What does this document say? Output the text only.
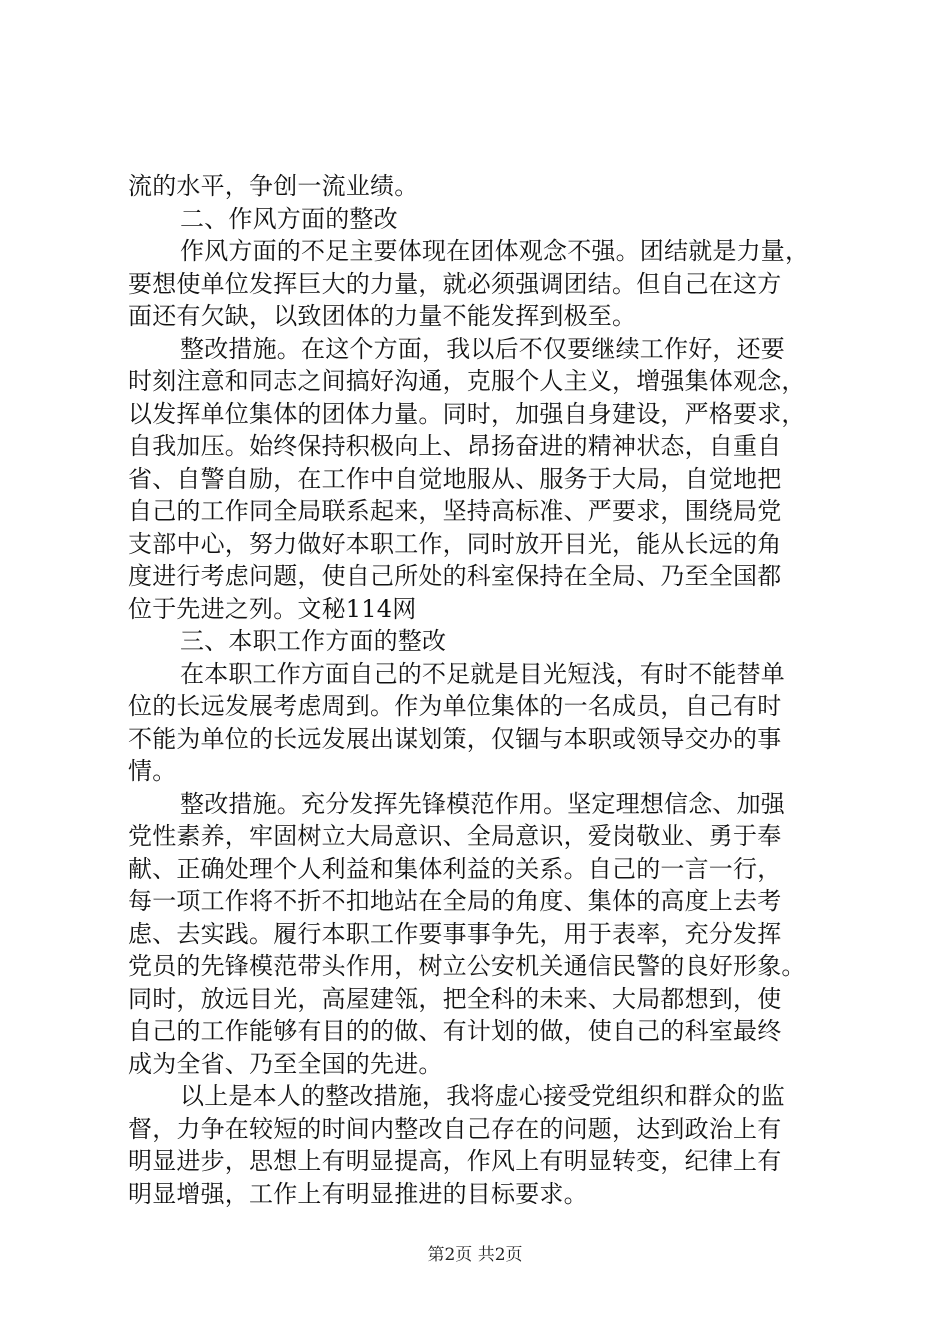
流的水平，争创一流业绩。
二、作风方面的整改
作风方面的不足主要体现在团体观念不强。团结就是力量，
要想使单位发挥巨大的力量，就必须强调团结。但自己在这方
面还有欠缺，以致团体的力量不能发挥到极至。
整改措施。在这个方面，我以后不仅要继续工作好，还要
时刻注意和同志之间搞好沟通，克服个人主义，增强集体观念，
以发挥单位集体的团体力量。同时，加强自身建设，严格要求，
自我加压。始终保持积极向上、昂扬奋进的精神状态，自重自
省、自警自励，在工作中自觉地服从、服务于大局，自觉地把
自己的工作同全局联系起来，坚持高标准、严要求，围绕局党
支部中心，努力做好本职工作，同时放开目光，能从长远的角
度进行考虑问题，使自己所处的科室保持在全局、乃至全国都
位于先进之列。文秘114网
三、本职工作方面的整改
在本职工作方面自己的不足就是目光短浅，有时不能替单
位的长远发展考虑周到。作为单位集体的一名成员，自己有时
不能为单位的长远发展出谋划策，仅锢与本职或领导交办的事
情。
整改措施。充分发挥先锋模范作用。坚定理想信念、加强
党性素养，牢固树立大局意识、全局意识，爱岗敬业、勇于奉
献、正确处理个人利益和集体利益的关系。自己的一言一行，
每一项工作将不折不扣地站在全局的角度、集体的高度上去考
虑、去实践。履行本职工作要事事争先，用于表率，充分发挥
党员的先锋模范带头作用，树立公安机关通信民警的良好形象。
同时，放远目光，高屋建瓴，把全科的未来、大局都想到，使
自己的工作能够有目的的做、有计划的做，使自己的科室最终
成为全省、乃至全国的先进。
以上是本人的整改措施，我将虚心接受党组织和群众的监
督，力争在较短的时间内整改自己存在的问题，达到政治上有
明显进步，思想上有明显提高，作风上有明显转变，纪律上有
明显增强，工作上有明显推进的目标要求。
第2页 共2页
